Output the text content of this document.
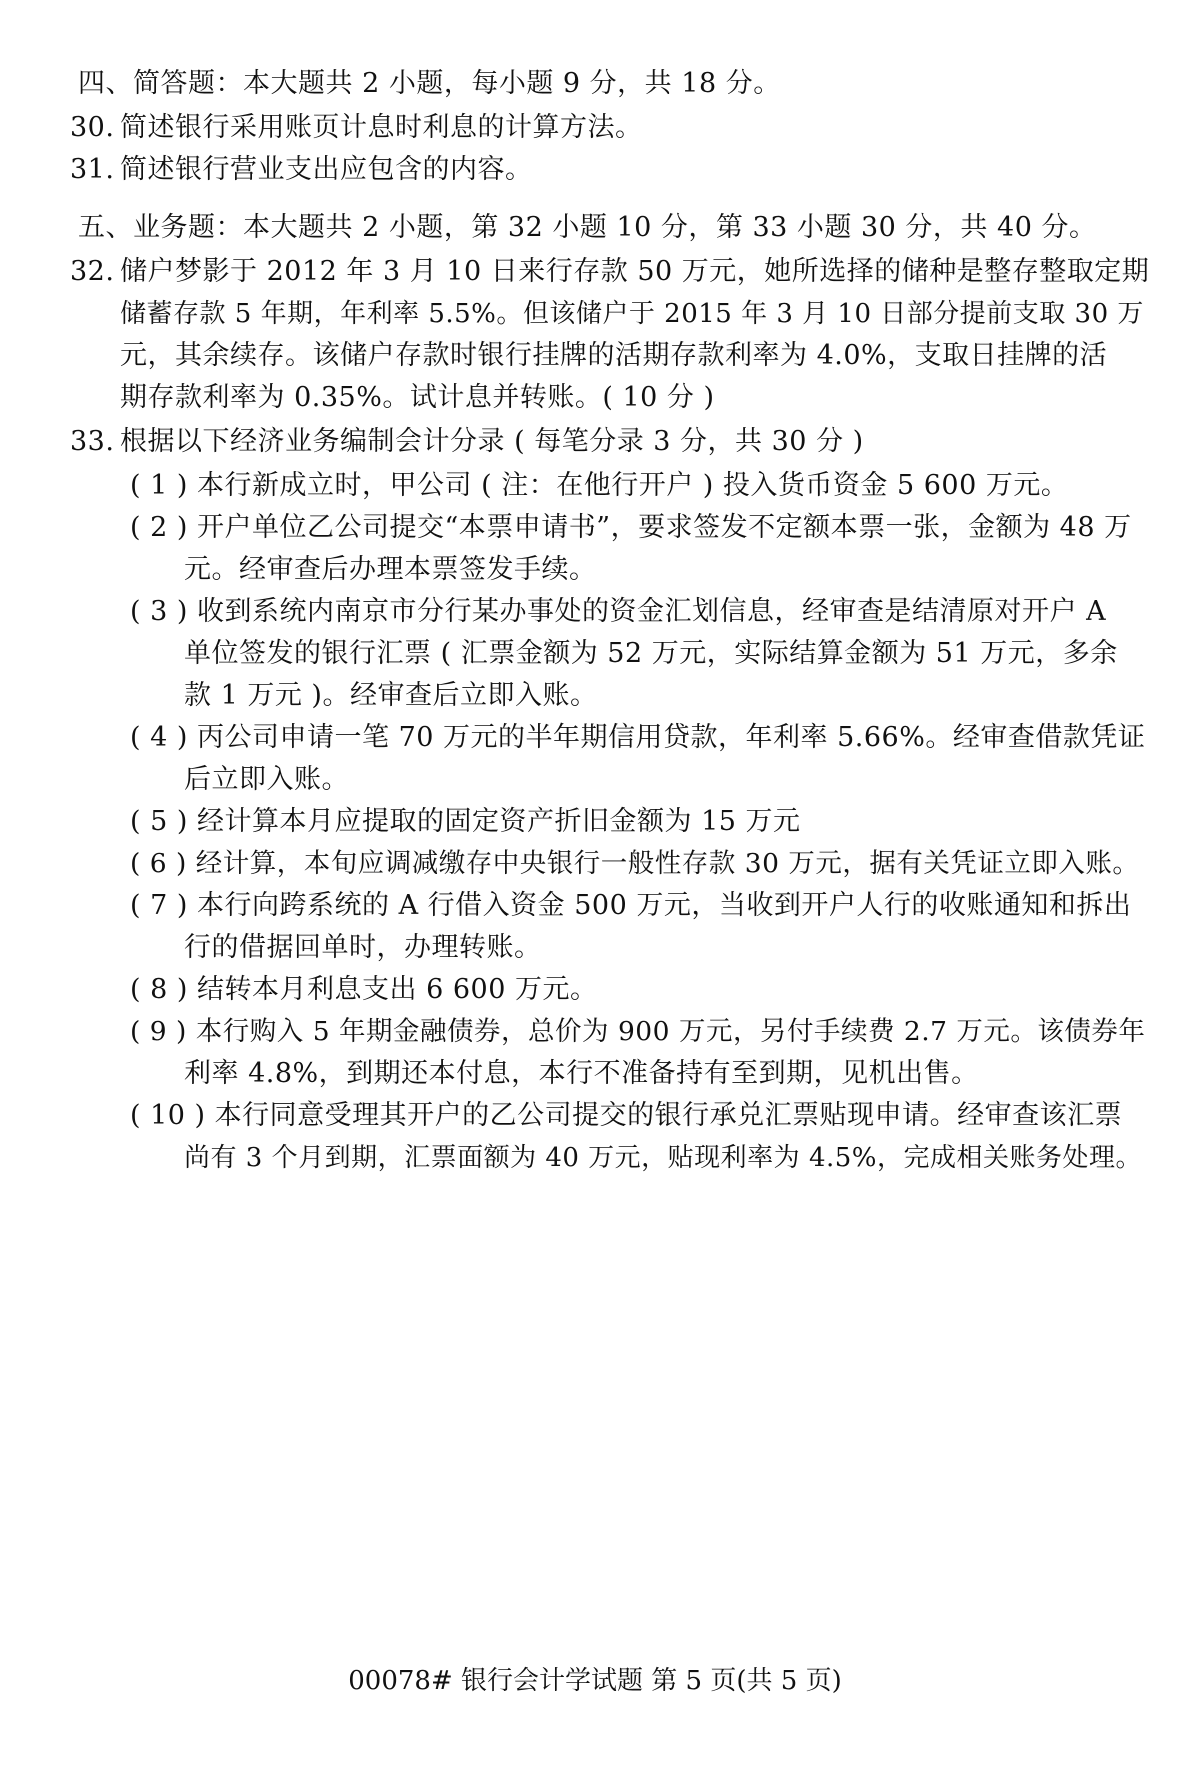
四、简答题：本大题共 2 小题，每小题 9 分，共 18 分。
30. 简述银行采用账页计息时利息的计算方法。
31. 简述银行营业支出应包含的内容。
五、业务题：本大题共 2 小题，第 32 小题 10 分，第 33 小题 30 分，共 40 分。
32. 储户梦影于 2012 年 3 月 10 日来行存款 50 万元，她所选择的储种是整存整取定期
储蓄存款 5 年期，年利率 5.5%。但该储户于 2015 年 3 月 10 日部分提前支取 30 万
元，其余续存。该储户存款时银行挂牌的活期存款利率为 4.0%，支取日挂牌的活
期存款利率为 0.35%。试计息并转账。( 10 分 )
33. 根据以下经济业务编制会计分录 ( 每笔分录 3 分，共 30 分 )
( 1 ) 本行新成立时，甲公司 ( 注：在他行开户 ) 投入货币资金 5 600 万元。
( 2 ) 开户单位乙公司提交“本票申请书”，要求签发不定额本票一张，金额为 48 万
元。经审查后办理本票签发手续。
( 3 ) 收到系统内南京市分行某办事处的资金汇划信息，经审查是结清原对开户 A
单位签发的银行汇票 ( 汇票金额为 52 万元，实际结算金额为 51 万元，多余
款 1 万元 )。经审查后立即入账。
( 4 ) 丙公司申请一笔 70 万元的半年期信用贷款，年利率 5.66%。经审查借款凭证
后立即入账。
( 5 ) 经计算本月应提取的固定资产折旧金额为 15 万元
( 6 ) 经计算，本旬应调减缴存中央银行一般性存款 30 万元，据有关凭证立即入账。
( 7 ) 本行向跨系统的 A 行借入资金 500 万元，当收到开户人行的收账通知和拆出
行的借据回单时，办理转账。
( 8 ) 结转本月利息支出 6 600 万元。
( 9 ) 本行购入 5 年期金融债券，总价为 900 万元，另付手续费 2.7 万元。该债券年
利率 4.8%，到期还本付息，本行不准备持有至到期，见机出售。
( 10 ) 本行同意受理其开户的乙公司提交的银行承兑汇票贴现申请。经审查该汇票
尚有 3 个月到期，汇票面额为 40 万元，贴现利率为 4.5%，完成相关账务处理。
00078# 银行会计学试题 第 5 页(共 5 页)
